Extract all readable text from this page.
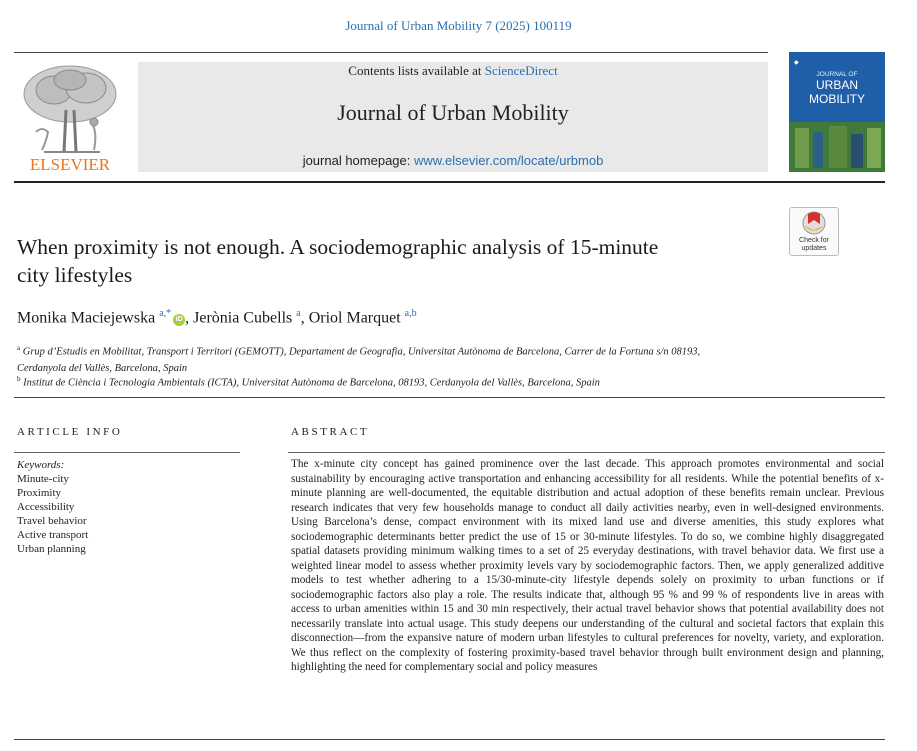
Journal of Urban Mobility 7 (2025) 100119
ELSEVIER
Contents lists available at ScienceDirect
Journal of Urban Mobility
journal homepage: www.elsevier.com/locate/urbmob
◆
JOURNAL OF
URBAN
MOBILITY
Check for
updates
When proximity is not enough. A sociodemographic analysis of 15-minute
city lifestyles
Monika Maciejewska $^{a,*}$iD , Jerònia Cubells $^a$, Oriol Marquet $^{a,b}$
$^a$ Grup d’Estudis en Mobilitat, Transport i Territori (GEMOTT), Departament de Geografia, Universitat Autònoma de Barcelona, Carrer de la Fortuna s/n 08193,
Cerdanyola del Vallès, Barcelona, Spain
$^b$ Institut de Ciència i Tecnologia Ambientals (ICTA), Universitat Autònoma de Barcelona, 08193, Cerdanyola del Vallès, Barcelona, Spain
ARTICLE INFO
Keywords:
Minute-city
Proximity
Accessibility
Travel behavior
Active transport
Urban planning
ABSTRACT
The x-minute city concept has gained prominence over the last decade. This approach promotes environmental and social sustainability by encouraging active transportation and enhancing accessibility for all residents. While the potential benefits of x-minute planning are well-documented, the equitable distribution and actual adoption of these benefits remain unclear. Previous research indicates that very few households manage to conduct all daily activities nearby, even in well-designed environments. Using Barcelona’s dense, compact environment with its mixed land use and diverse amenities, this study explores what sociodemographic determinants better predict the use of 15 or 30-minute lifestyles. To do so, we combine highly disaggregated spatial datasets providing minimum walking times to a set of 25 everyday destinations, with travel behavior data. We first use a weighted linear model to assess whether proximity levels vary by sociodemographic factors. Then, we apply generalized additive models to test whether adhering to a 15/30-minute-city lifestyle depends solely on proximity to urban functions or if sociodemographic factors also play a role. The results indicate that, although 95 % and 99 % of respondents live in areas with access to urban amenities within 15 and 30 min respectively, their actual travel behavior shows that potential availability does not necessarily translate into actual usage. This study deepens our understanding of the cultural and societal factors that explain this disconnection—from the expansive nature of modern urban lifestyles to cultural preferences for novelty, variety, and exploration. We thus reflect on the complexity of fostering proximity-based travel behavior through built environment design and planning, highlighting the need for complementary social and policy measures
